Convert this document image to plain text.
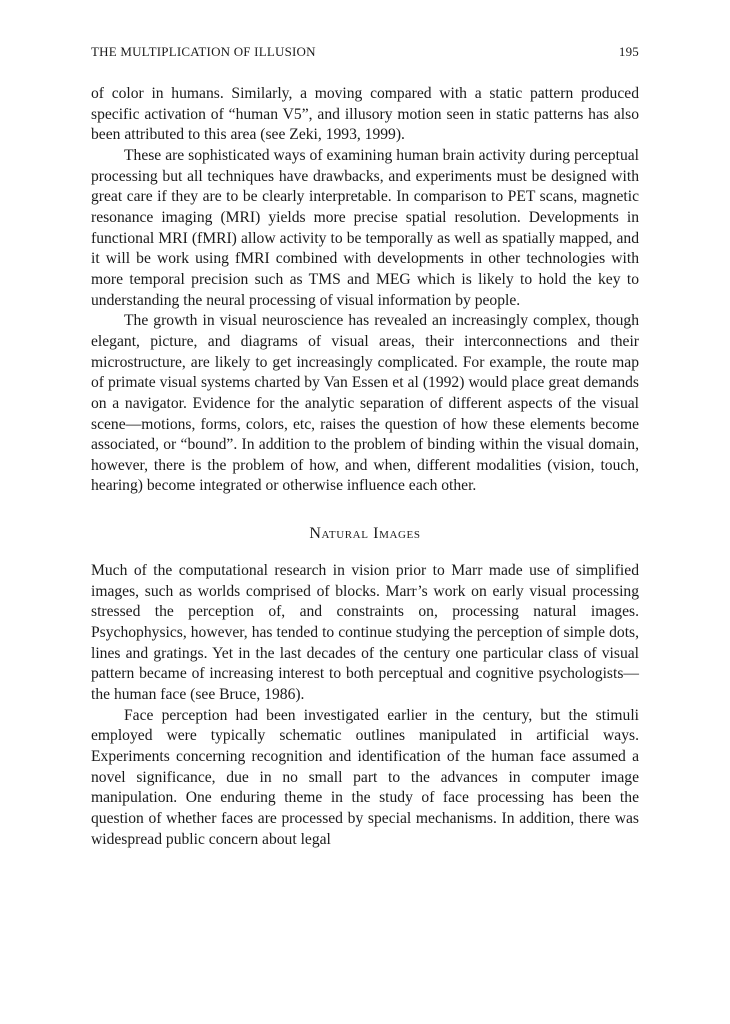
THE MULTIPLICATION OF ILLUSION	195

of color in humans. Similarly, a moving compared with a static pattern produced specific activation of “human V5”, and illusory motion seen in static patterns has also been attributed to this area (see Zeki, 1993, 1999).

These are sophisticated ways of examining human brain activity during perceptual processing but all techniques have drawbacks, and experiments must be designed with great care if they are to be clearly interpretable. In comparison to PET scans, magnetic resonance imaging (MRI) yields more precise spatial resolution. Developments in functional MRI (fMRI) allow activity to be temporally as well as spatially mapped, and it will be work using fMRI combined with developments in other technologies with more temporal precision such as TMS and MEG which is likely to hold the key to understanding the neural processing of visual information by people.

The growth in visual neuroscience has revealed an increasingly complex, though elegant, picture, and diagrams of visual areas, their interconnections and their microstructure, are likely to get increasingly complicated. For example, the route map of primate visual systems charted by Van Essen et al (1992) would place great demands on a navigator. Evidence for the analytic separation of different aspects of the visual scene—motions, forms, colors, etc, raises the question of how these elements become associated, or “bound”. In addition to the problem of binding within the visual domain, however, there is the problem of how, and when, different modalities (vision, touch, hearing) become integrated or otherwise influence each other.

Natural Images

Much of the computational research in vision prior to Marr made use of simplified images, such as worlds comprised of blocks. Marr’s work on early visual processing stressed the perception of, and constraints on, processing natural images. Psychophysics, however, has tended to continue studying the perception of simple dots, lines and gratings. Yet in the last decades of the century one particular class of visual pattern became of increasing interest to both perceptual and cognitive psychologists—the human face (see Bruce, 1986).

Face perception had been investigated earlier in the century, but the stimuli employed were typically schematic outlines manipulated in artificial ways. Experiments concerning recognition and identification of the human face assumed a novel significance, due in no small part to the advances in computer image manipulation. One enduring theme in the study of face processing has been the question of whether faces are processed by special mechanisms. In addition, there was widespread public concern about legal
